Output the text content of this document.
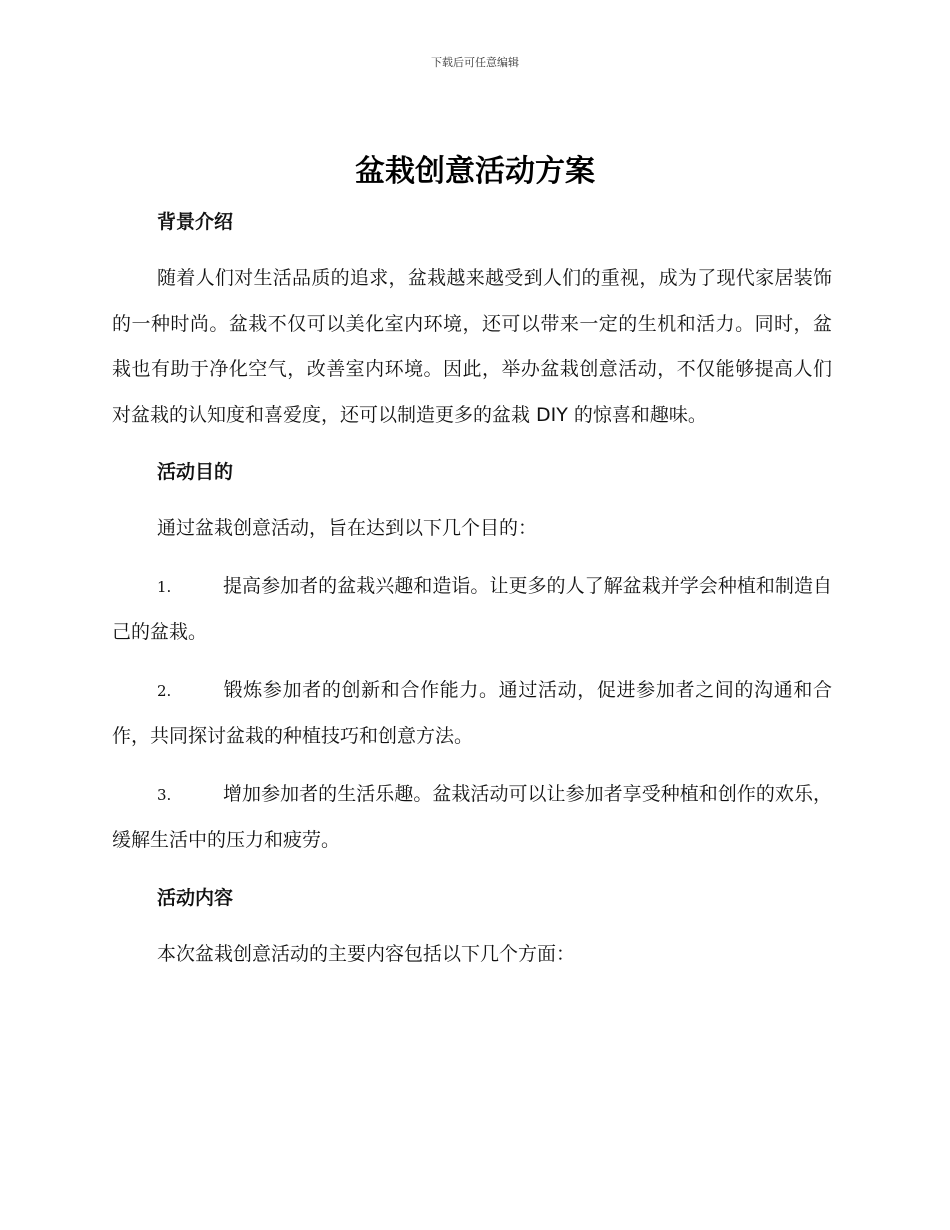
下载后可任意编辑
盆栽创意活动方案

背景介绍

随着人们对生活品质的追求，盆栽越来越受到人们的重视，成为了现代家居装饰的一种时尚。盆栽不仅可以美化室内环境，还可以带来一定的生机和活力。同时，盆栽也有助于净化空气，改善室内环境。因此，举办盆栽创意活动，不仅能够提高人们对盆栽的认知度和喜爱度，还可以制造更多的盆栽 DIY 的惊喜和趣味。

活动目的

通过盆栽创意活动，旨在达到以下几个目的：

1.	提高参加者的盆栽兴趣和造诣。让更多的人了解盆栽并学会种植和制造自己的盆栽。

2.	锻炼参加者的创新和合作能力。通过活动，促进参加者之间的沟通和合作，共同探讨盆栽的种植技巧和创意方法。

3.	增加参加者的生活乐趣。盆栽活动可以让参加者享受种植和创作的欢乐，缓解生活中的压力和疲劳。

活动内容

本次盆栽创意活动的主要内容包括以下几个方面：
